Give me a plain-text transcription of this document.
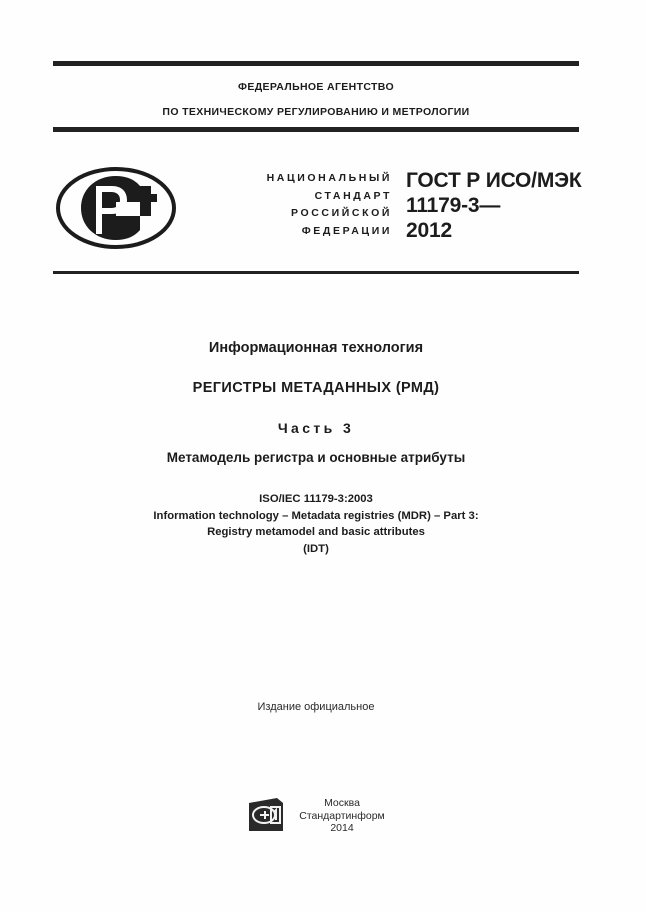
ФЕДЕРАЛЬНОЕ АГЕНТСТВО
ПО ТЕХНИЧЕСКОМУ РЕГУЛИРОВАНИЮ И МЕТРОЛОГИИ
НАЦИОНАЛЬНЫЙ
СТАНДАРТ
РОССИЙСКОЙ
ФЕДЕРАЦИИ
ГОСТ Р ИСО/МЭК
11179-3—
2012
Информационная технология
РЕГИСТРЫ МЕТАДАННЫХ (РМД)
Часть 3
Метамодель регистра и основные атрибуты
ISO/IEC 11179-3:2003
Information technology – Metadata registries (MDR) – Part 3:
Registry metamodel and basic attributes
(IDT)
Издание официальное
Москва
Стандартинформ
2014
